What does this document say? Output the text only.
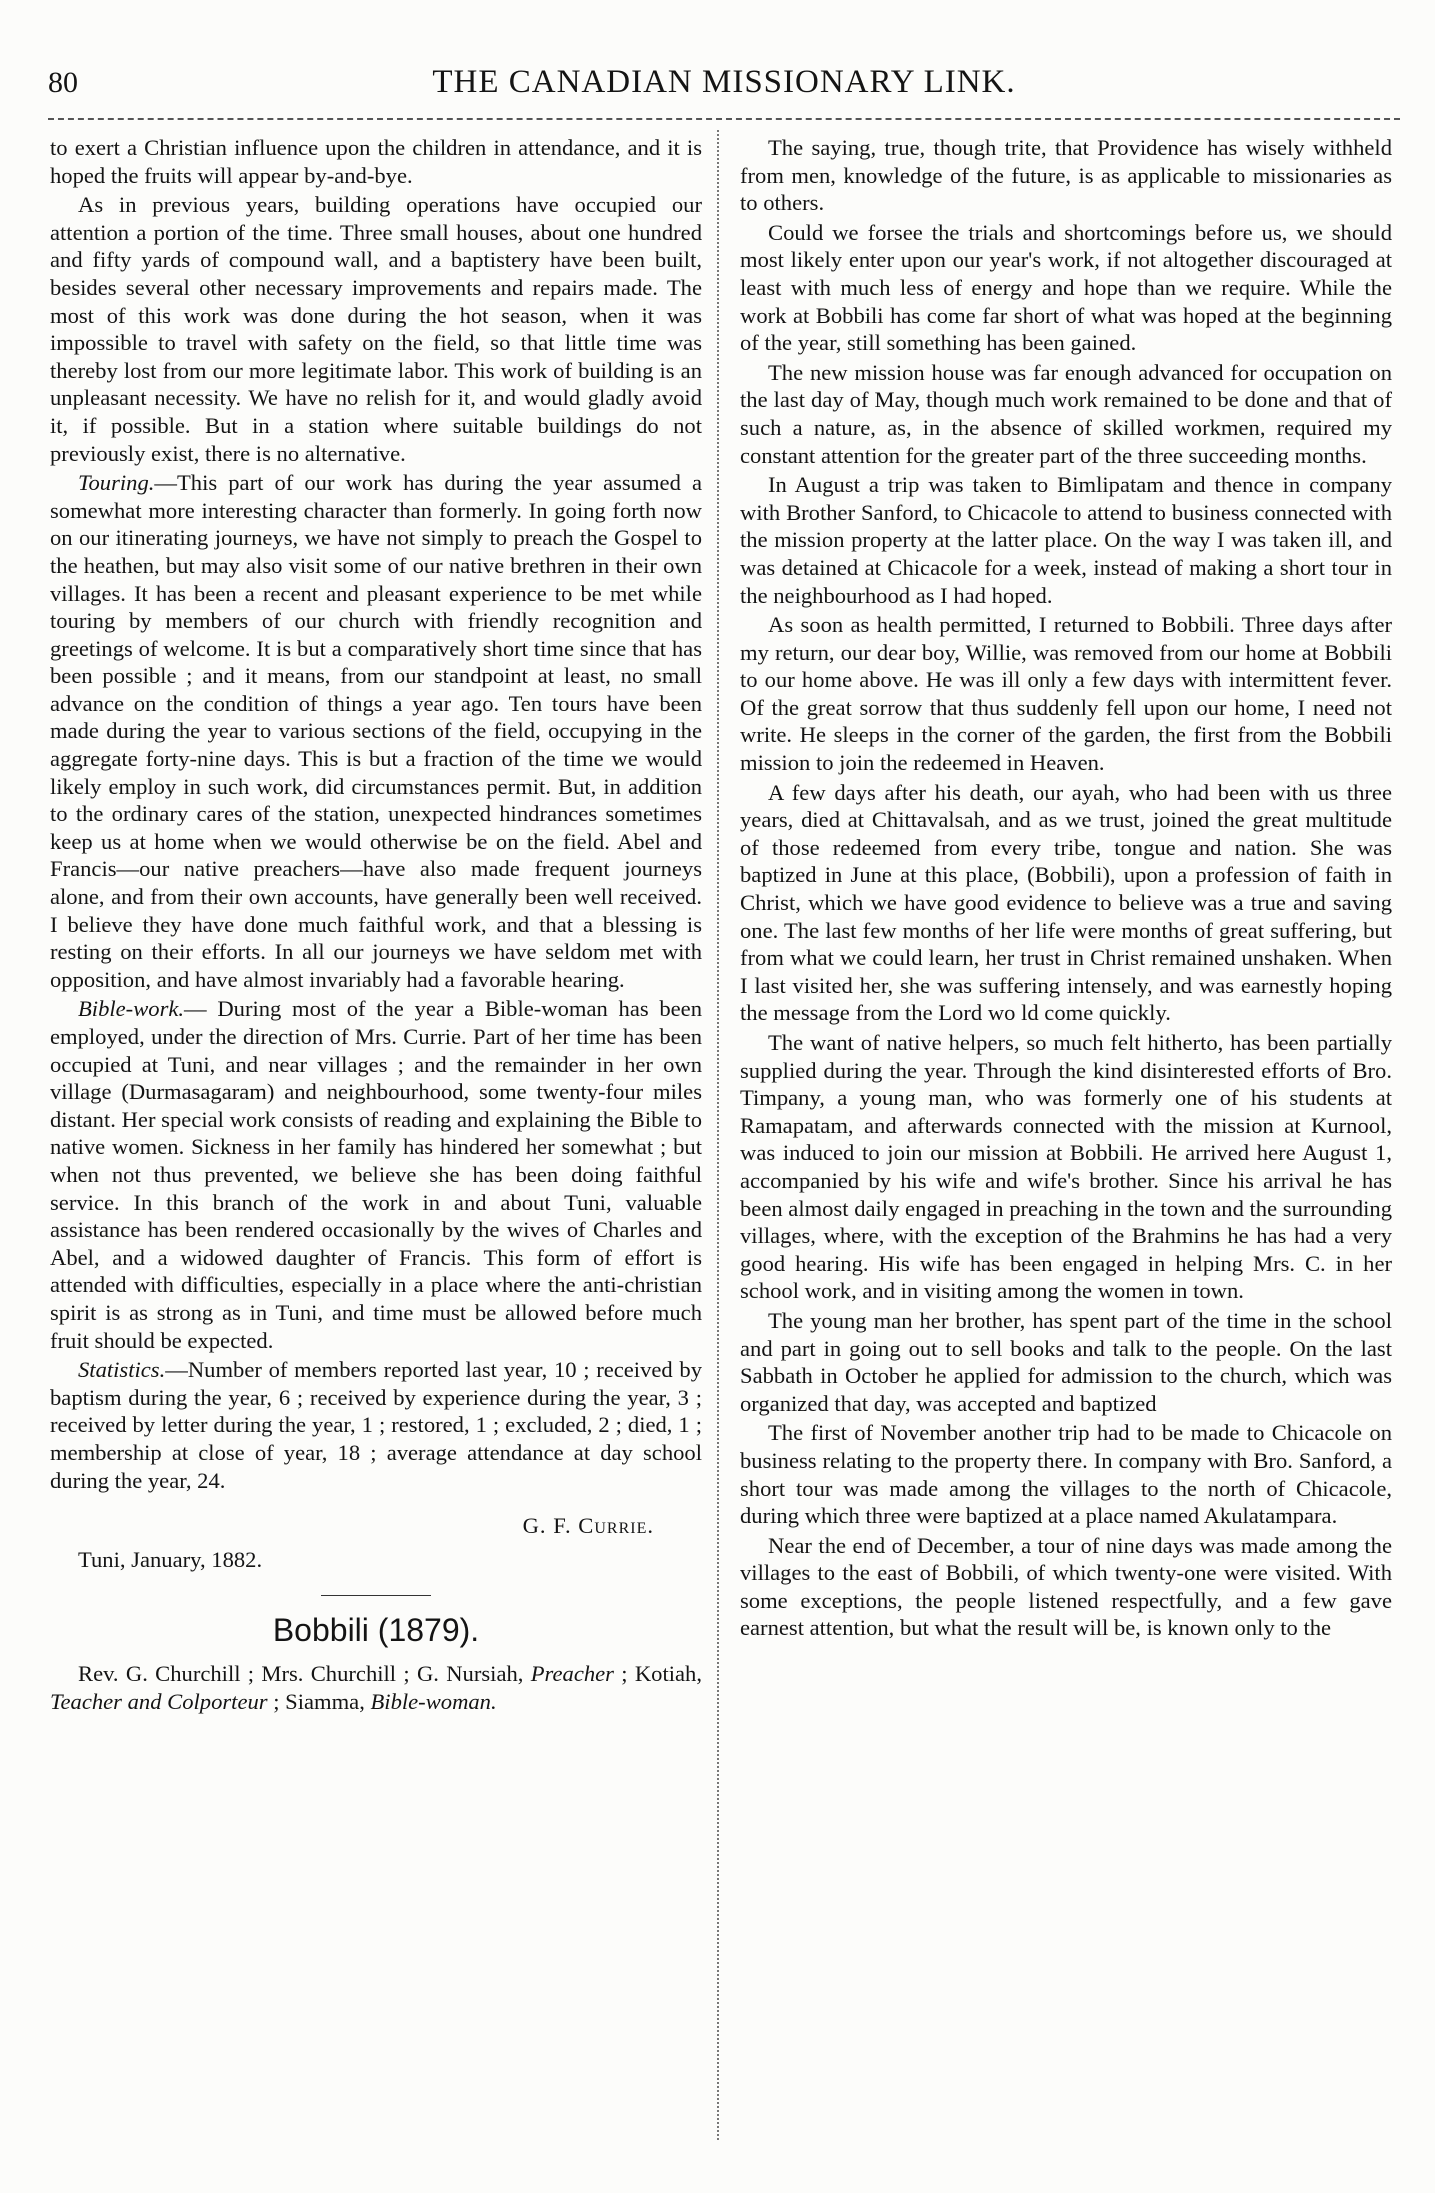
80	THE CANADIAN MISSIONARY LINK.

to exert a Christian influence upon the children in attendance, and it is hoped the fruits will appear by-and-bye.

As in previous years, building operations have occupied our attention a portion of the time. Three small houses, about one hundred and fifty yards of compound wall, and a baptistery have been built, besides several other necessary improvements and repairs made. The most of this work was done during the hot season, when it was impossible to travel with safety on the field, so that little time was thereby lost from our more legitimate labor. This work of building is an unpleasant necessity. We have no relish for it, and would gladly avoid it, if possible. But in a station where suitable buildings do not previously exist, there is no alternative.

Touring.—This part of our work has during the year assumed a somewhat more interesting character than formerly. In going forth now on our itinerating journeys, we have not simply to preach the Gospel to the heathen, but may also visit some of our native brethren in their own villages. It has been a recent and pleasant experience to be met while touring by members of our church with friendly recognition and greetings of welcome. It is but a comparatively short time since that has been possible ; and it means, from our standpoint at least, no small advance on the condition of things a year ago. Ten tours have been made during the year to various sections of the field, occupying in the aggregate forty-nine days. This is but a fraction of the time we would likely employ in such work, did circumstances permit. But, in addition to the ordinary cares of the station, unexpected hindrances sometimes keep us at home when we would otherwise be on the field. Abel and Francis—our native preachers—have also made frequent journeys alone, and from their own accounts, have generally been well received. I believe they have done much faithful work, and that a blessing is resting on their efforts. In all our journeys we have seldom met with opposition, and have almost invariably had a favorable hearing.

Bible-work.— During most of the year a Bible-woman has been employed, under the direction of Mrs. Currie. Part of her time has been occupied at Tuni, and near villages ; and the remainder in her own village (Durmasagaram) and neighbourhood, some twenty-four miles distant. Her special work consists of reading and explaining the Bible to native women. Sickness in her family has hindered her somewhat ; but when not thus prevented, we believe she has been doing faithful service. In this branch of the work in and about Tuni, valuable assistance has been rendered occasionally by the wives of Charles and Abel, and a widowed daughter of Francis. This form of effort is attended with difficulties, especially in a place where the anti-christian spirit is as strong as in Tuni, and time must be allowed before much fruit should be expected.

Statistics.—Number of members reported last year, 10 ; received by baptism during the year, 6 ; received by experience during the year, 3 ; received by letter during the year, 1 ; restored, 1 ; excluded, 2 ; died, 1 ; membership at close of year, 18 ; average attendance at day school during the year, 24.

G. F. Currie.
Tuni, January, 1882.
Bobbili (1879).

Rev. G. Churchill ; Mrs. Churchill ; G. Nursiah, Preacher ; Kotiah, Teacher and Colporteur ; Siamma, Bible-woman.

The saying, true, though trite, that Providence has wisely withheld from men, knowledge of the future, is as applicable to missionaries as to others.

Could we forsee the trials and shortcomings before us, we should most likely enter upon our year's work, if not altogether discouraged at least with much less of energy and hope than we require. While the work at Bobbili has come far short of what was hoped at the beginning of the year, still something has been gained.

The new mission house was far enough advanced for occupation on the last day of May, though much work remained to be done and that of such a nature, as, in the absence of skilled workmen, required my constant attention for the greater part of the three succeeding months.

In August a trip was taken to Bimlipatam and thence in company with Brother Sanford, to Chicacole to attend to business connected with the mission property at the latter place. On the way I was taken ill, and was detained at Chicacole for a week, instead of making a short tour in the neighbourhood as I had hoped.

As soon as health permitted, I returned to Bobbili. Three days after my return, our dear boy, Willie, was removed from our home at Bobbili to our home above. He was ill only a few days with intermittent fever. Of the great sorrow that thus suddenly fell upon our home, I need not write. He sleeps in the corner of the garden, the first from the Bobbili mission to join the redeemed in Heaven.

A few days after his death, our ayah, who had been with us three years, died at Chittavalsah, and as we trust, joined the great multitude of those redeemed from every tribe, tongue and nation. She was baptized in June at this place, (Bobbili), upon a profession of faith in Christ, which we have good evidence to believe was a true and saving one. The last few months of her life were months of great suffering, but from what we could learn, her trust in Christ remained unshaken. When I last visited her, she was suffering intensely, and was earnestly hoping the message from the Lord wo ld come quickly.

The want of native helpers, so much felt hitherto, has been partially supplied during the year. Through the kind disinterested efforts of Bro. Timpany, a young man, who was formerly one of his students at Ramapatam, and afterwards connected with the mission at Kurnool, was induced to join our mission at Bobbili. He arrived here August 1, accompanied by his wife and wife's brother. Since his arrival he has been almost daily engaged in preaching in the town and the surrounding villages, where, with the exception of the Brahmins he has had a very good hearing. His wife has been engaged in helping Mrs. C. in her school work, and in visiting among the women in town.

The young man her brother, has spent part of the time in the school and part in going out to sell books and talk to the people. On the last Sabbath in October he applied for admission to the church, which was organized that day, was accepted and baptized

The first of November another trip had to be made to Chicacole on business relating to the property there. In company with Bro. Sanford, a short tour was made among the villages to the north of Chicacole, during which three were baptized at a place named Akulatampara.

Near the end of December, a tour of nine days was made among the villages to the east of Bobbili, of which twenty-one were visited. With some exceptions, the people listened respectfully, and a few gave earnest attention, but what the result will be, is known only to the
